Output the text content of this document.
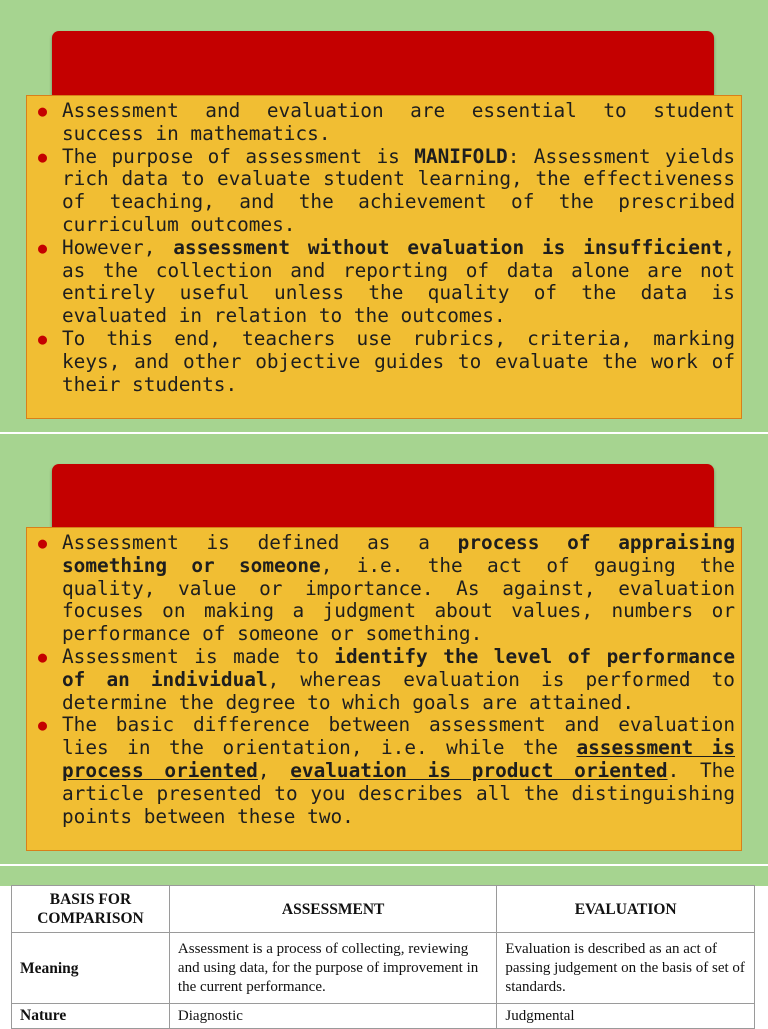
● Assessment and evaluation are essential to student success in mathematics.
● The purpose of assessment is MANIFOLD: Assessment yields rich data to evaluate student learning, the effectiveness of teaching, and the achievement of the prescribed curriculum outcomes.
● However, assessment without evaluation is insufficient, as the collection and reporting of data alone are not entirely useful unless the quality of the data is evaluated in relation to the outcomes.
● To this end, teachers use rubrics, criteria, marking keys, and other objective guides to evaluate the work of their students.
● Assessment is defined as a process of appraising something or someone, i.e. the act of gauging the quality, value or importance. As against, evaluation focuses on making a judgment about values, numbers or performance of someone or something.
● Assessment is made to identify the level of performance of an individual, whereas evaluation is performed to determine the degree to which goals are attained.
● The basic difference between assessment and evaluation lies in the orientation, i.e. while the assessment is process oriented, evaluation is product oriented. The article presented to you describes all the distinguishing points between these two.
BASIS FOR COMPARISON	ASSESSMENT	EVALUATION
Meaning	Assessment is a process of collecting, reviewing and using data, for the purpose of improvement in the current performance.	Evaluation is described as an act of passing judgement on the basis of set of standards.
Nature	Diagnostic	Judgmental
